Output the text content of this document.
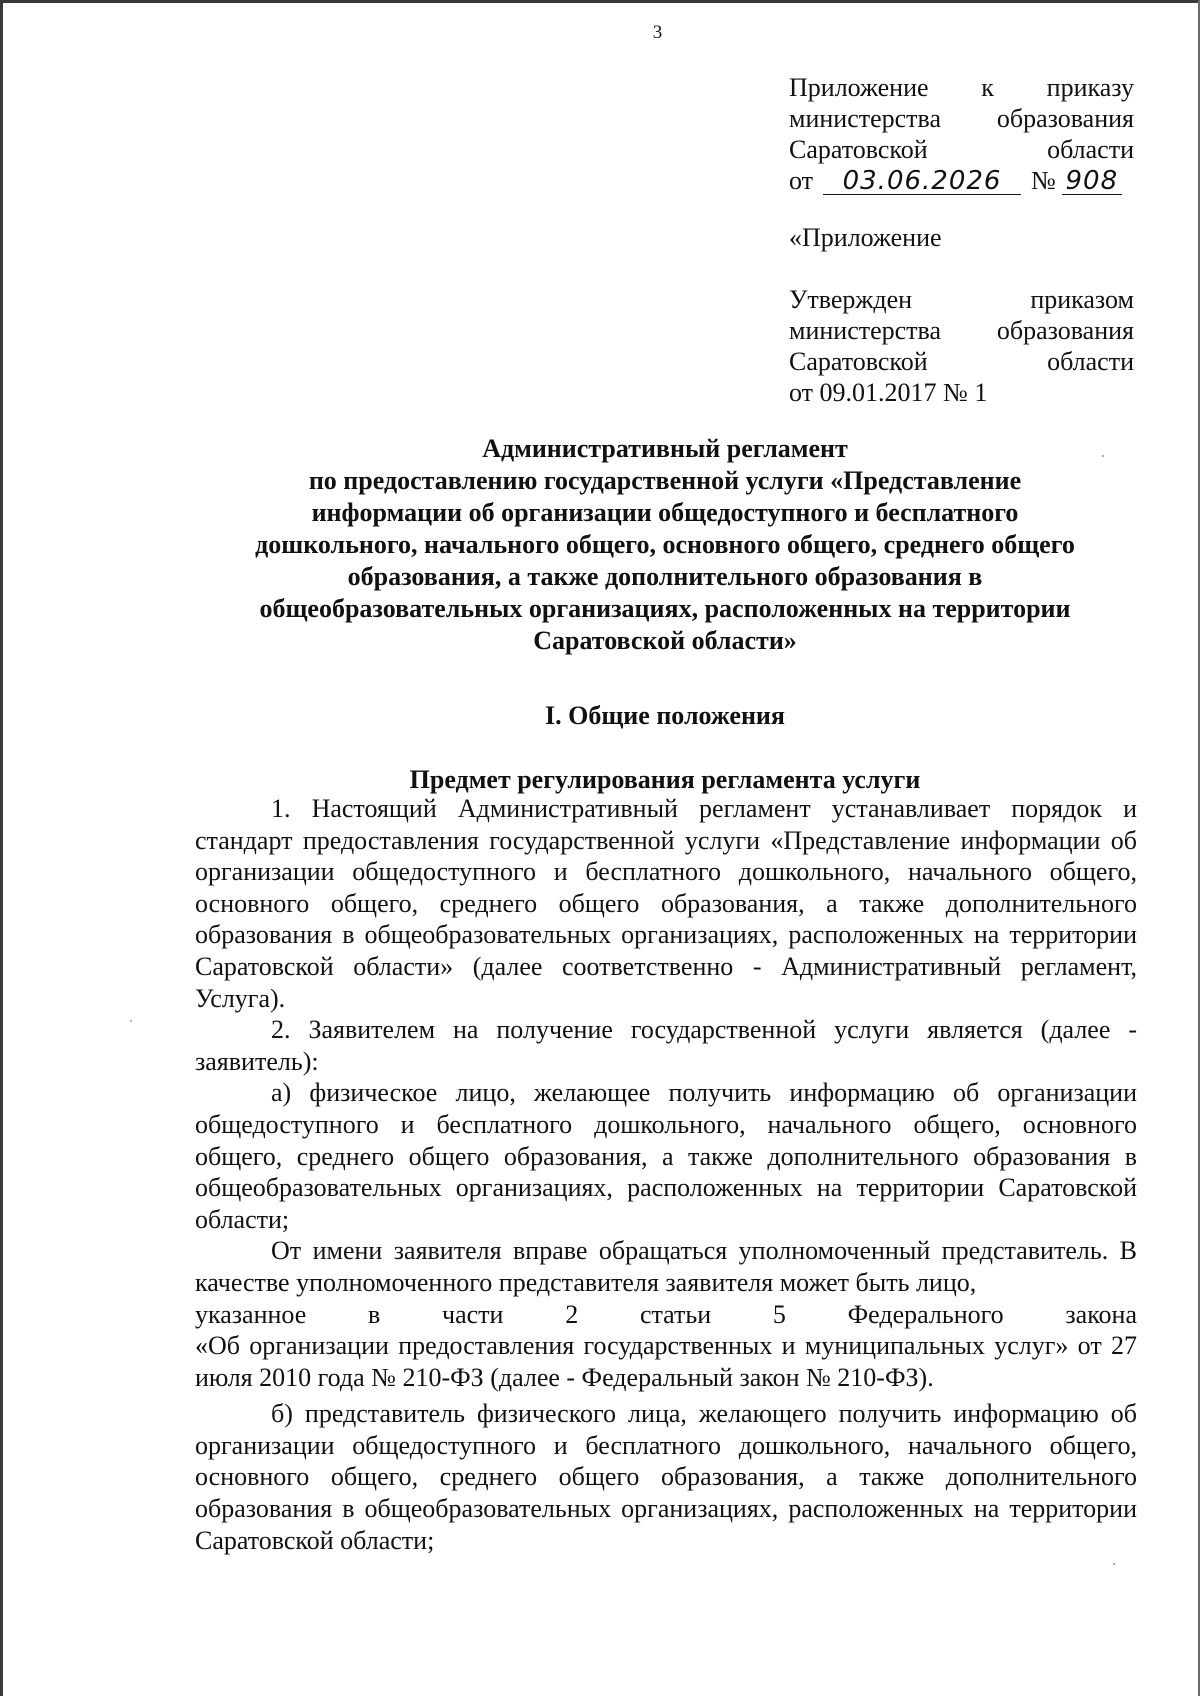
3
Приложение к приказу
министерства образования
Саратовской области
от 03.06.2026 № 908
«Приложение
Утвержден приказом
министерства образования
Саратовской области
от 09.01.2017 № 1
Административный регламент
по предоставлению государственной услуги «Представление
информации об организации общедоступного и бесплатного
дошкольного, начального общего, основного общего, среднего общего
образования, а также дополнительного образования в
общеобразовательных организациях, расположенных на территории
Саратовской области»
I. Общие положения
Предмет регулирования регламента услуги

1. Настоящий Административный регламент устанавливает порядок и стандарт предоставления государственной услуги «Представление информации об организации общедоступного и бесплатного дошкольного, начального общего, основного общего, среднего общего образования, а также дополнительного образования в общеобразовательных организациях, расположенных на территории Саратовской области» (далее соответственно - Административный регламент, Услуга).

2. Заявителем на получение государственной услуги является (далее - заявитель):

а) физическое лицо, желающее получить информацию об организации общедоступного и бесплатного дошкольного, начального общего, основного общего, среднего общего образования, а также дополнительного образования в общеобразовательных организациях, расположенных на территории Саратовской области;

От имени заявителя вправе обращаться уполномоченный представитель. В качестве уполномоченного представителя заявителя может быть лицо,

указанное в части 2 статьи 5 Федерального закона
«Об организации предоставления государственных и муниципальных услуг» от 27 июля 2010 года № 210-ФЗ (далее - Федеральный закон № 210-ФЗ).

б) представитель физического лица, желающего получить информацию об организации общедоступного и бесплатного дошкольного, начального общего, основного общего, среднего общего образования, а также дополнительного образования в общеобразовательных организациях, расположенных на территории Саратовской области;
